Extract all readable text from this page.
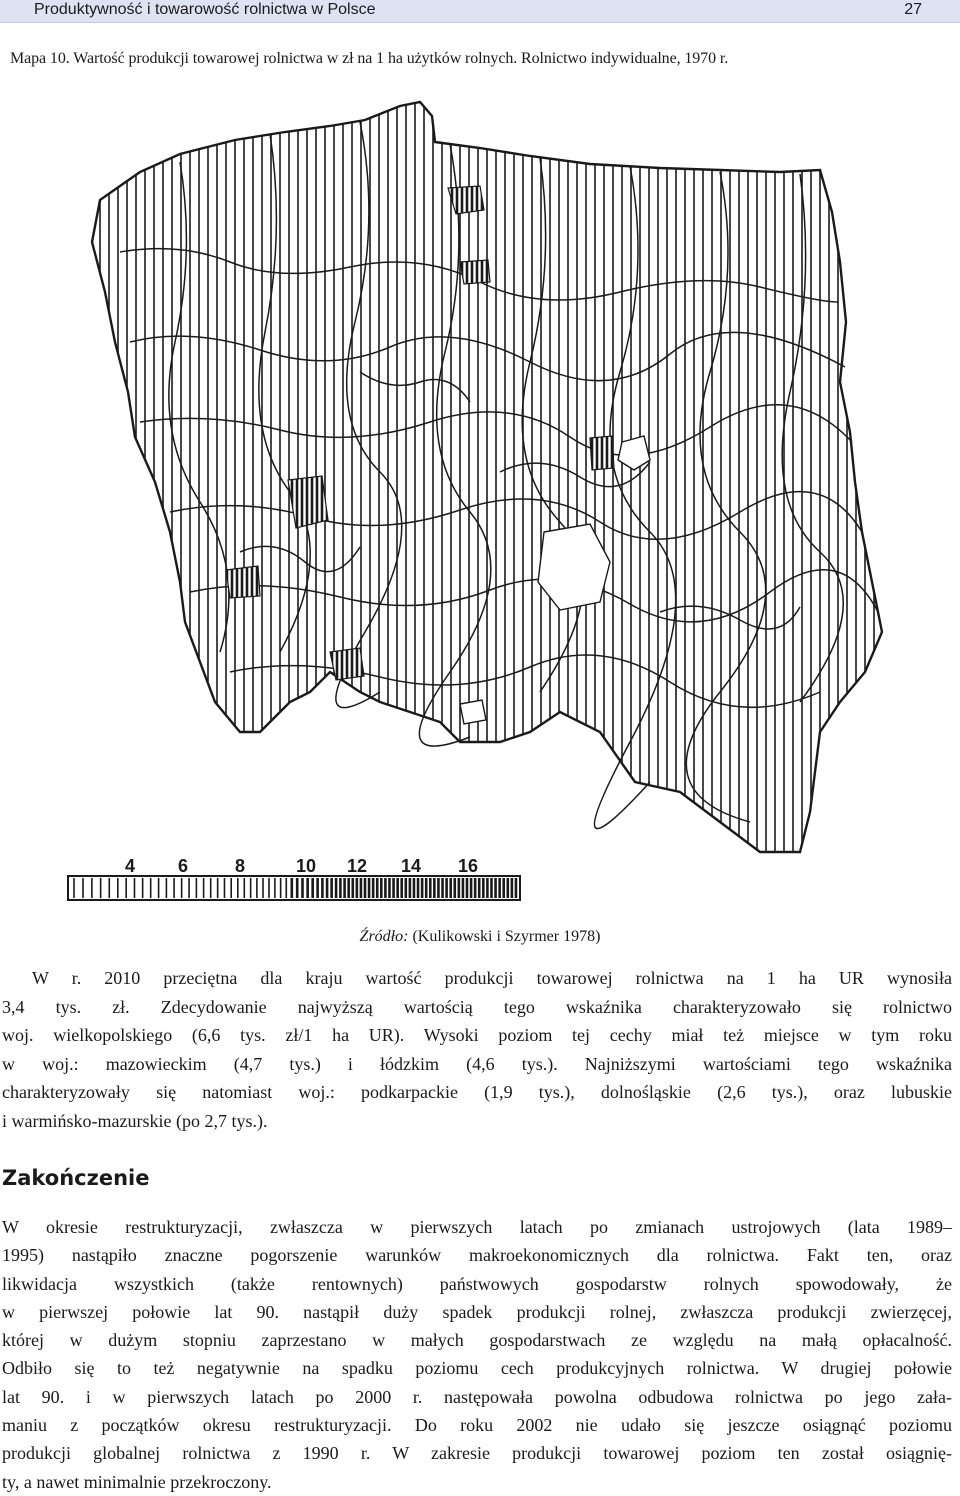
Produktywność i towarowość rolnictwa w Polsce	27
Mapa 10. Wartość produkcji towarowej rolnictwa w zł na 1 ha użytków rolnych. Rolnictwo indywidualne, 1970 r.
4 6	8	10 12 14 16
Źródło: (Kulikowski i Szyrmer 1978)
W r. 2010 przeciętna dla kraju wartość produkcji towarowej rolnictwa na 1 ha UR wynosiła
3,4 tys. zł. Zdecydowanie najwyższą wartością tego wskaźnika charakteryzowało się rolnictwo
woj. wielkopolskiego (6,6 tys. zł/1 ha UR). Wysoki poziom tej cechy miał też miejsce w tym roku
w woj.: mazowieckim (4,7 tys.) i łódzkim (4,6 tys.). Najniższymi wartościami tego wskaźnika
charakteryzowały się natomiast woj.: podkarpackie (1,9 tys.), dolnośląskie (2,6 tys.), oraz lubuskie
i warmińsko-mazurskie (po 2,7 tys.).
Zakończenie
W okresie restrukturyzacji, zwłaszcza w pierwszych latach po zmianach ustrojowych (lata 1989–
1995) nastąpiło znaczne pogorszenie warunków makroekonomicznych dla rolnictwa. Fakt ten, oraz
likwidacja wszystkich (także rentownych) państwowych gospodarstw rolnych spowodowały, że
w pierwszej połowie lat 90. nastąpił duży spadek produkcji rolnej, zwłaszcza produkcji zwierzęcej,
której w dużym stopniu zaprzestano w małych gospodarstwach ze względu na małą opłacalność.
Odbiło się to też negatywnie na spadku poziomu cech produkcyjnych rolnictwa. W drugiej połowie
lat 90. i w pierwszych latach po 2000 r. następowała powolna odbudowa rolnictwa po jego zała-
maniu z początków okresu restrukturyzacji. Do roku 2002 nie udało się jeszcze osiągnąć poziomu
produkcji globalnej rolnictwa z 1990 r. W zakresie produkcji towarowej poziom ten został osiągnię-
ty, a nawet minimalnie przekroczony.
